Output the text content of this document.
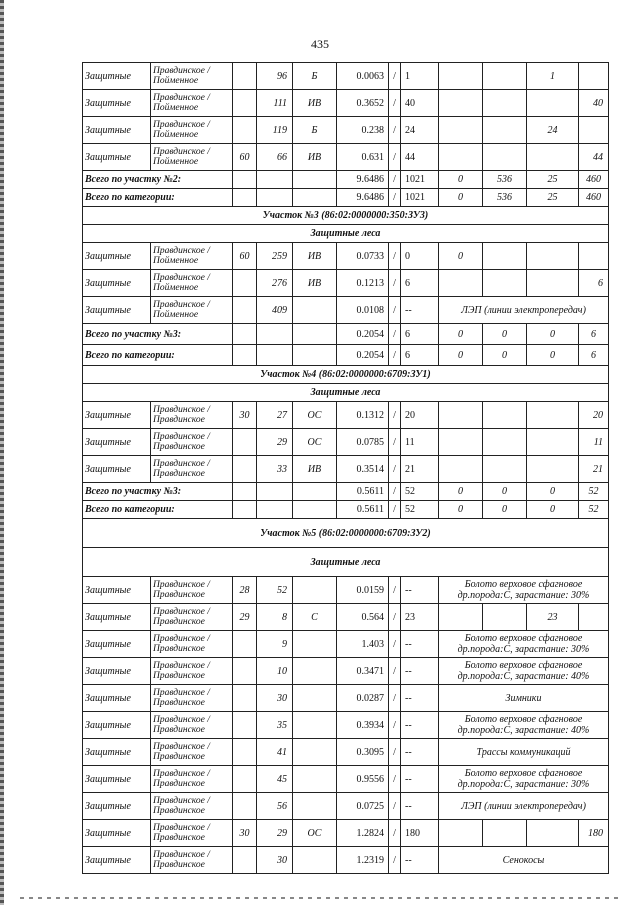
435
Защитные	Правдинское / Пойменное		96	Б	0.0063	/	1			1	
Защитные	Правдинское / Пойменное		111	ИВ	0.3652	/	40				40
Защитные	Правдинское / Пойменное		119	Б	0.238	/	24			24	
Защитные	Правдинское / Пойменное	60	66	ИВ	0.631	/	44				44
Всего по участку №2:					9.6486	/	1021	0	536	25	460
Всего по категории:					9.6486	/	1021	0	536	25	460
Участок №3 (86:02:0000000:350:ЗУ3)											
Защитные леса											
Защитные	Правдинское / Пойменное	60	259	ИВ	0.0733	/	0	0			
Защитные	Правдинское / Пойменное		276	ИВ	0.1213	/	6				6
Защитные	Правдинское / Пойменное		409		0.0108	/	--	ЛЭП (линии электропередач)			
Всего по участку №3:					0.2054	/	6	0	0	0	6
Всего по категории:					0.2054	/	6	0	0	0	6
Участок №4 (86:02:0000000:6709:ЗУ1)											
Защитные леса											
Защитные	Правдинское / Правдинское	30	27	ОС	0.1312	/	20				20
Защитные	Правдинское / Правдинское		29	ОС	0.0785	/	11				11
Защитные	Правдинское / Правдинское		33	ИВ	0.3514	/	21				21
Всего по участку №3:					0.5611	/	52	0	0	0	52
Всего по категории:					0.5611	/	52	0	0	0	52
Участок №5 (86:02:0000000:6709:ЗУ2)											
Защитные леса											
Защитные	Правдинское / Правдинское	28	52		0.0159	/	--	Болото верховое сфагновое др.порода:С, зарастание: 30%			
Защитные	Правдинское / Правдинское	29	8	С	0.564	/	23			23	
Защитные	Правдинское / Правдинское		9		1.403	/	--	Болото верховое сфагновое др.порода:С, зарастание: 30%			
Защитные	Правдинское / Правдинское		10		0.3471	/	--	Болото верховое сфагновое др.порода:С, зарастание: 40%			
Защитные	Правдинское / Правдинское		30		0.0287	/	--	Зимники			
Защитные	Правдинское / Правдинское		35		0.3934	/	--	Болото верховое сфагновое др.порода:С, зарастание: 40%			
Защитные	Правдинское / Правдинское		41		0.3095	/	--	Трассы коммуникаций			
Защитные	Правдинское / Правдинское		45		0.9556	/	--	Болото верховое сфагновое др.порода:С, зарастание: 30%			
Защитные	Правдинское / Правдинское		56		0.0725	/	--	ЛЭП (линии электропередач)			
Защитные	Правдинское / Правдинское	30	29	ОС	1.2824	/	180				180
Защитные	Правдинское / Правдинское		30		1.2319	/	--	Сенокосы			
